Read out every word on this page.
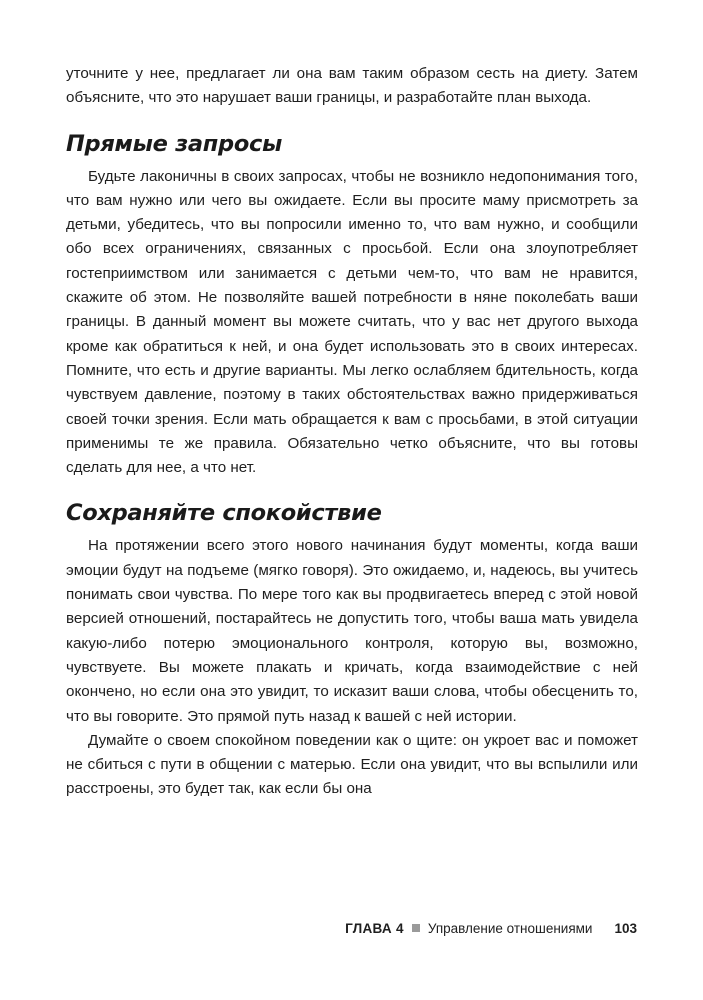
уточните у нее, предлагает ли она вам таким образом сесть на диету. Затем объясните, что это нарушает ваши границы, и разработайте план выхода.

Прямые запросы

Будьте лаконичны в своих запросах, чтобы не возникло недопонимания того, что вам нужно или чего вы ожидаете. Если вы просите маму присмотреть за детьми, убедитесь, что вы попросили именно то, что вам нужно, и сообщили обо всех ограничениях, связанных с просьбой. Если она злоупотребляет гостеприимством или занимается с детьми чем-то, что вам не нравится, скажите об этом. Не позволяйте вашей потребности в няне поколебать ваши границы. В данный момент вы можете считать, что у вас нет другого выхода кроме как обратиться к ней, и она будет использовать это в своих интересах. Помните, что есть и другие варианты. Мы легко ослабляем бдительность, когда чувствуем давление, поэтому в таких обстоятельствах важно придерживаться своей точки зрения. Если мать обращается к вам с просьбами, в этой ситуации применимы те же правила. Обязательно четко объясните, что вы готовы сделать для нее, а что нет.

Сохраняйте спокойствие

На протяжении всего этого нового начинания будут моменты, когда ваши эмоции будут на подъеме (мягко говоря). Это ожидаемо, и, надеюсь, вы учитесь понимать свои чувства. По мере того как вы продвигаетесь вперед с этой новой версией отношений, постарайтесь не допустить того, чтобы ваша мать увидела какую-либо потерю эмоционального контроля, которую вы, возможно, чувствуете. Вы можете плакать и кричать, когда взаимодействие с ней окончено, но если она это увидит, то исказит ваши слова, чтобы обесценить то, что вы говорите. Это прямой путь назад к вашей с ней истории.

Думайте о своем спокойном поведении как о щите: он укроет вас и поможет не сбиться с пути в общении с матерью. Если она увидит, что вы вспылили или расстроены, это будет так, как если бы она

ГЛАВА 4 Управление отношениями 103
